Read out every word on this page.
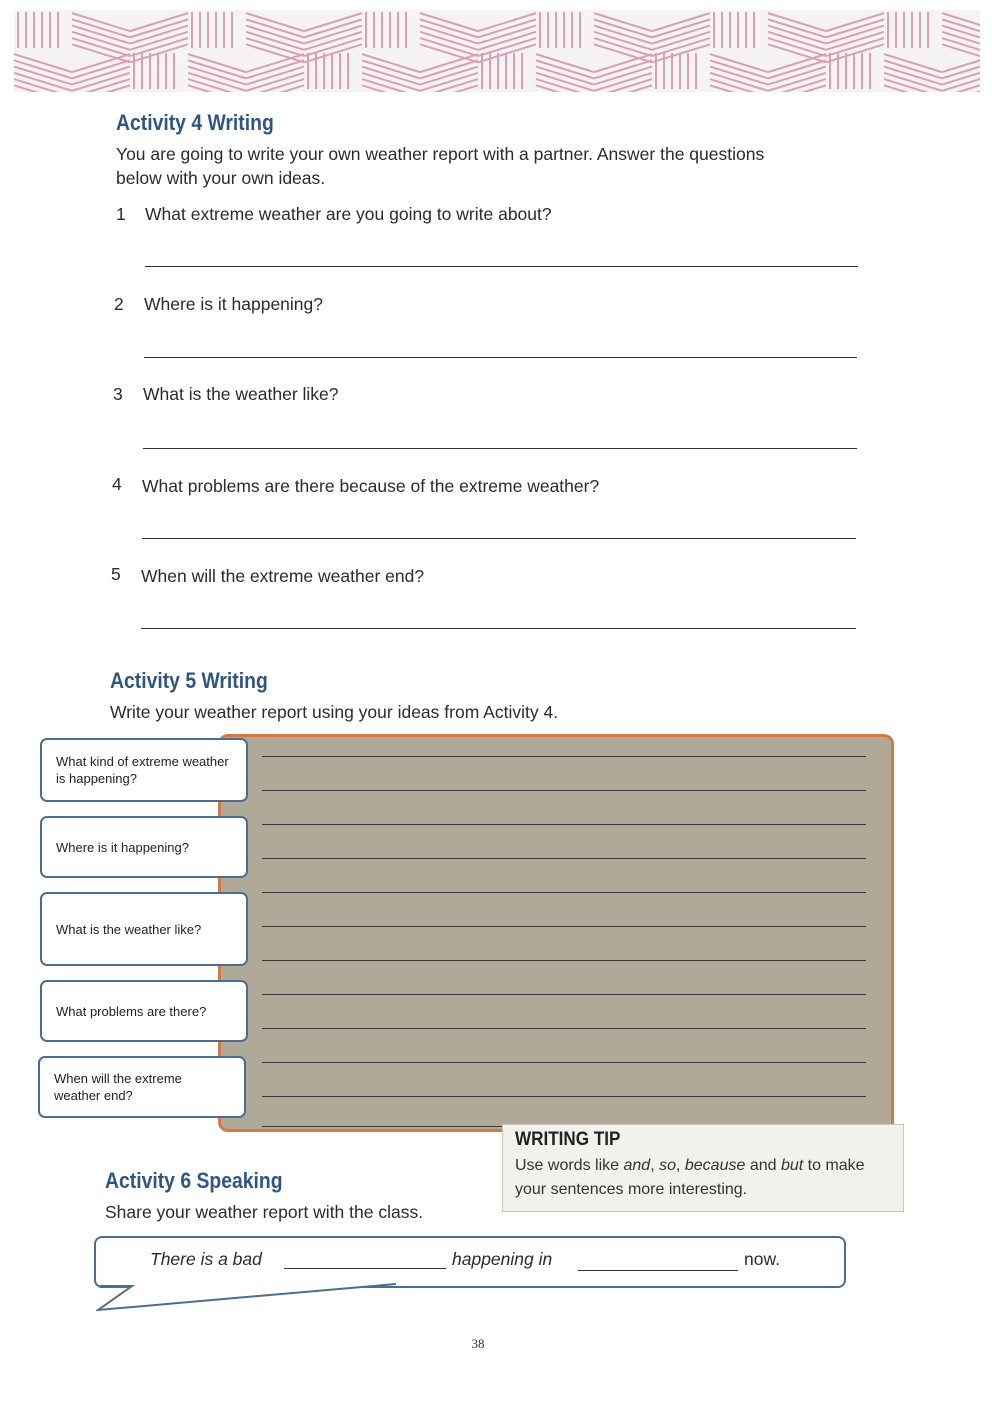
Activity 4 Writing
You are going to write your own weather report with a partner. Answer the questions
below with your own ideas.
1 What extreme weather are you going to write about?
2 Where is it happening?
3 What is the weather like?
4 What problems are there because of the extreme weather?
5 When will the extreme weather end?
Activity 5 Writing
Write your weather report using your ideas from Activity 4.
What kind of extreme weather is happening?
Where is it happening?
What is the weather like?
What problems are there?
When will the extreme weather end?
WRITING TIP
Use words like and, so, because and but to make your sentences more interesting.
Activity 6 Speaking
Share your weather report with the class.
There is a bad	happening in	now.
38
